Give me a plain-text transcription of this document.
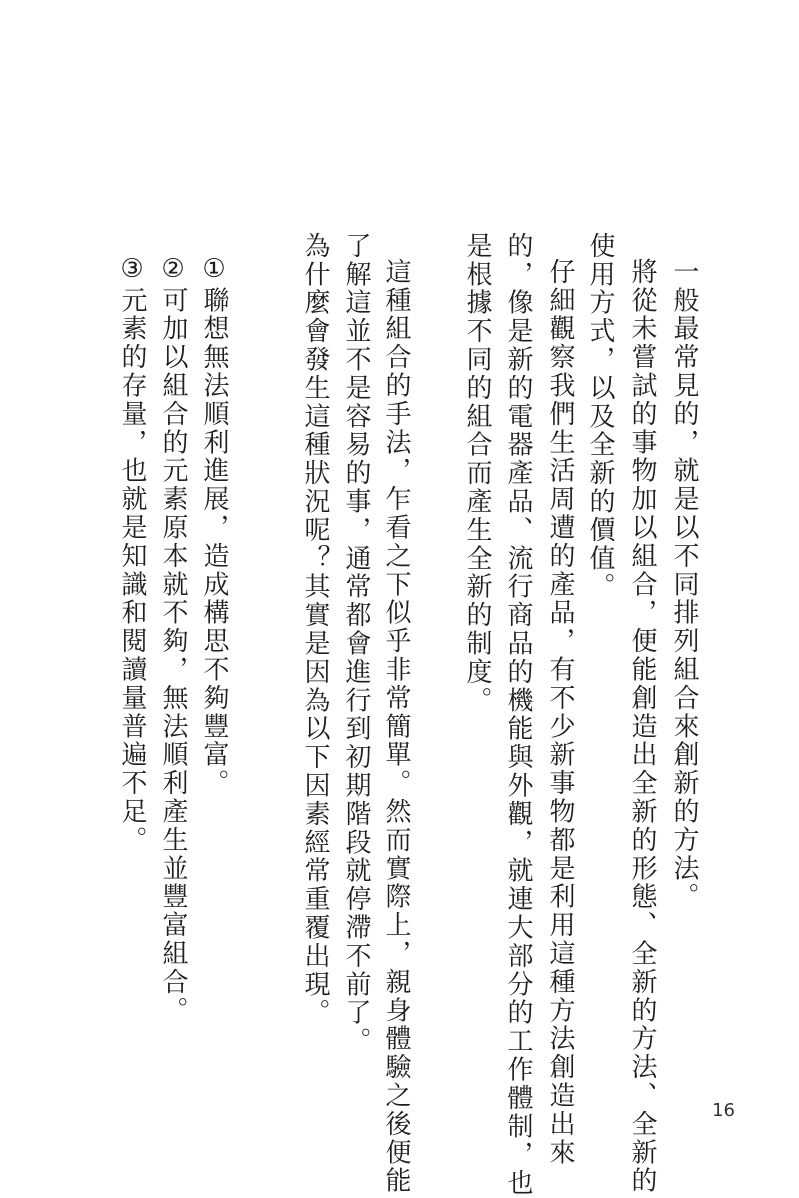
一般最常見的，就是以不同排列組合來創新的方法。
將從未嘗試的事物加以組合，便能創造出全新的形態、全新的方法、全新的
使用方式，以及全新的價值。
仔細觀察我們生活周遭的產品，有不少新事物都是利用這種方法創造出來
的，像是新的電器產品、流行商品的機能與外觀，就連大部分的工作體制，也
是根據不同的組合而產生全新的制度。
這種組合的手法，乍看之下似乎非常簡單。然而實際上，親身體驗之後便能
了解這並不是容易的事，通常都會進行到初期階段就停滯不前了。
為什麼會發生這種狀況呢？其實是因為以下因素經常重覆出現。
①聯想無法順利進展，造成構思不夠豐富。
②可加以組合的元素原本就不夠，無法順利產生並豐富組合。
③元素的存量，也就是知識和閱讀量普遍不足。
16
